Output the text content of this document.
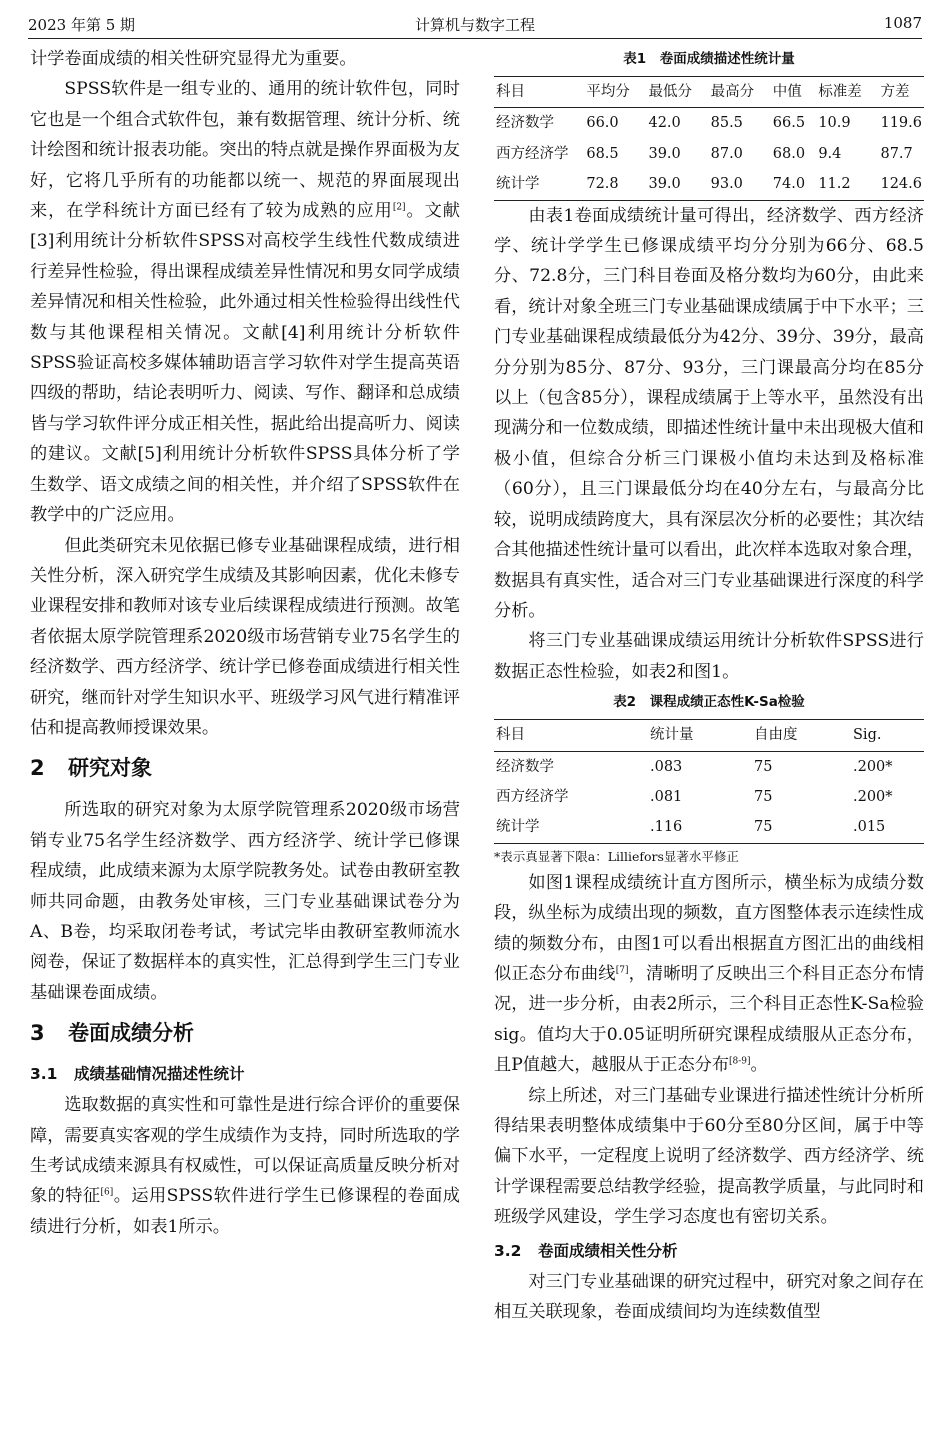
2023 年第 5 期	计算机与数字工程	1087

计学卷面成绩的相关性研究显得尤为重要。

SPSS软件是一组专业的、通用的统计软件包，同时它也是一个组合式软件包，兼有数据管理、统计分析、统计绘图和统计报表功能。突出的特点就是操作界面极为友好，它将几乎所有的功能都以统一、规范的界面展现出来，在学科统计方面已经有了较为成熟的应用[2]。文献[3]利用统计分析软件SPSS对高校学生线性代数成绩进行差异性检验，得出课程成绩差异性情况和男女同学成绩差异情况和相关性检验，此外通过相关性检验得出线性代数与其他课程相关情况。文献[4]利用统计分析软件SPSS验证高校多媒体辅助语言学习软件对学生提高英语四级的帮助，结论表明听力、阅读、写作、翻译和总成绩皆与学习软件评分成正相关性，据此给出提高听力、阅读的建议。文献[5]利用统计分析软件SPSS具体分析了学生数学、语文成绩之间的相关性，并介绍了SPSS软件在教学中的广泛应用。

但此类研究未见依据已修专业基础课程成绩，进行相关性分析，深入研究学生成绩及其影响因素，优化未修专业课程安排和教师对该专业后续课程成绩进行预测。故笔者依据太原学院管理系2020级市场营销专业75名学生的经济数学、西方经济学、统计学已修卷面成绩进行相关性研究，继而针对学生知识水平、班级学习风气进行精准评估和提高教师授课效果。

2 研究对象

所选取的研究对象为太原学院管理系2020级市场营销专业75名学生经济数学、西方经济学、统计学已修课程成绩，此成绩来源为太原学院教务处。试卷由教研室教师共同命题，由教务处审核，三门专业基础课试卷分为A、B卷，均采取闭卷考试，考试完毕由教研室教师流水阅卷，保证了数据样本的真实性，汇总得到学生三门专业基础课卷面成绩。

3 卷面成绩分析
3.1 成绩基础情况描述性统计

选取数据的真实性和可靠性是进行综合评价的重要保障，需要真实客观的学生成绩作为支持，同时所选取的学生考试成绩来源具有权威性，可以保证高质量反映分析对象的特征[6]。运用SPSS软件进行学生已修课程的卷面成绩进行分析，如表1所示。

表1　卷面成绩描述性统计量
科目	平均分	最低分	最高分	中值	标准差	方差
经济数学	66.0	42.0	85.5	66.5	10.9	119.6
西方经济学	68.5	39.0	87.0	68.0	9.4	87.7
统计学	72.8	39.0	93.0	74.0	11.2	124.6

由表1卷面成绩统计量可得出，经济数学、西方经济学、统计学学生已修课成绩平均分分别为66分、68.5分、72.8分，三门科目卷面及格分数均为60分，由此来看，统计对象全班三门专业基础课成绩属于中下水平；三门专业基础课程成绩最低分为42分、39分、39分，最高分分别为85分、87分、93分，三门课最高分均在85分以上（包含85分），课程成绩属于上等水平，虽然没有出现满分和一位数成绩，即描述性统计量中未出现极大值和极小值，但综合分析三门课极小值均未达到及格标准（60分），且三门课最低分均在40分左右，与最高分比较，说明成绩跨度大，具有深层次分析的必要性；其次结合其他描述性统计量可以看出，此次样本选取对象合理，数据具有真实性，适合对三门专业基础课进行深度的科学分析。

将三门专业基础课成绩运用统计分析软件SPSS进行数据正态性检验，如表2和图1。

表2　课程成绩正态性K-Sa检验
科目	统计量	自由度	Sig.
经济数学	.083	75	.200*
西方经济学	.081	75	.200*
统计学	.116	75	.015
*表示真显著下限a：Lilliefors显著水平修正

如图1课程成绩统计直方图所示，横坐标为成绩分数段，纵坐标为成绩出现的频数，直方图整体表示连续性成绩的频数分布，由图1可以看出根据直方图汇出的曲线相似正态分布曲线[7]，清晰明了反映出三个科目正态分布情况，进一步分析，由表2所示，三个科目正态性K-Sa检验sig。值均大于0.05证明所研究课程成绩服从正态分布，且P值越大，越服从于正态分布[8-9]。

综上所述，对三门基础专业课进行描述性统计分析所得结果表明整体成绩集中于60分至80分区间，属于中等偏下水平，一定程度上说明了经济数学、西方经济学、统计学课程需要总结教学经验，提高教学质量，与此同时和班级学风建设，学生学习态度也有密切关系。

3.2 卷面成绩相关性分析

对三门专业基础课的研究过程中，研究对象之间存在相互关联现象，卷面成绩间均为连续数值型
